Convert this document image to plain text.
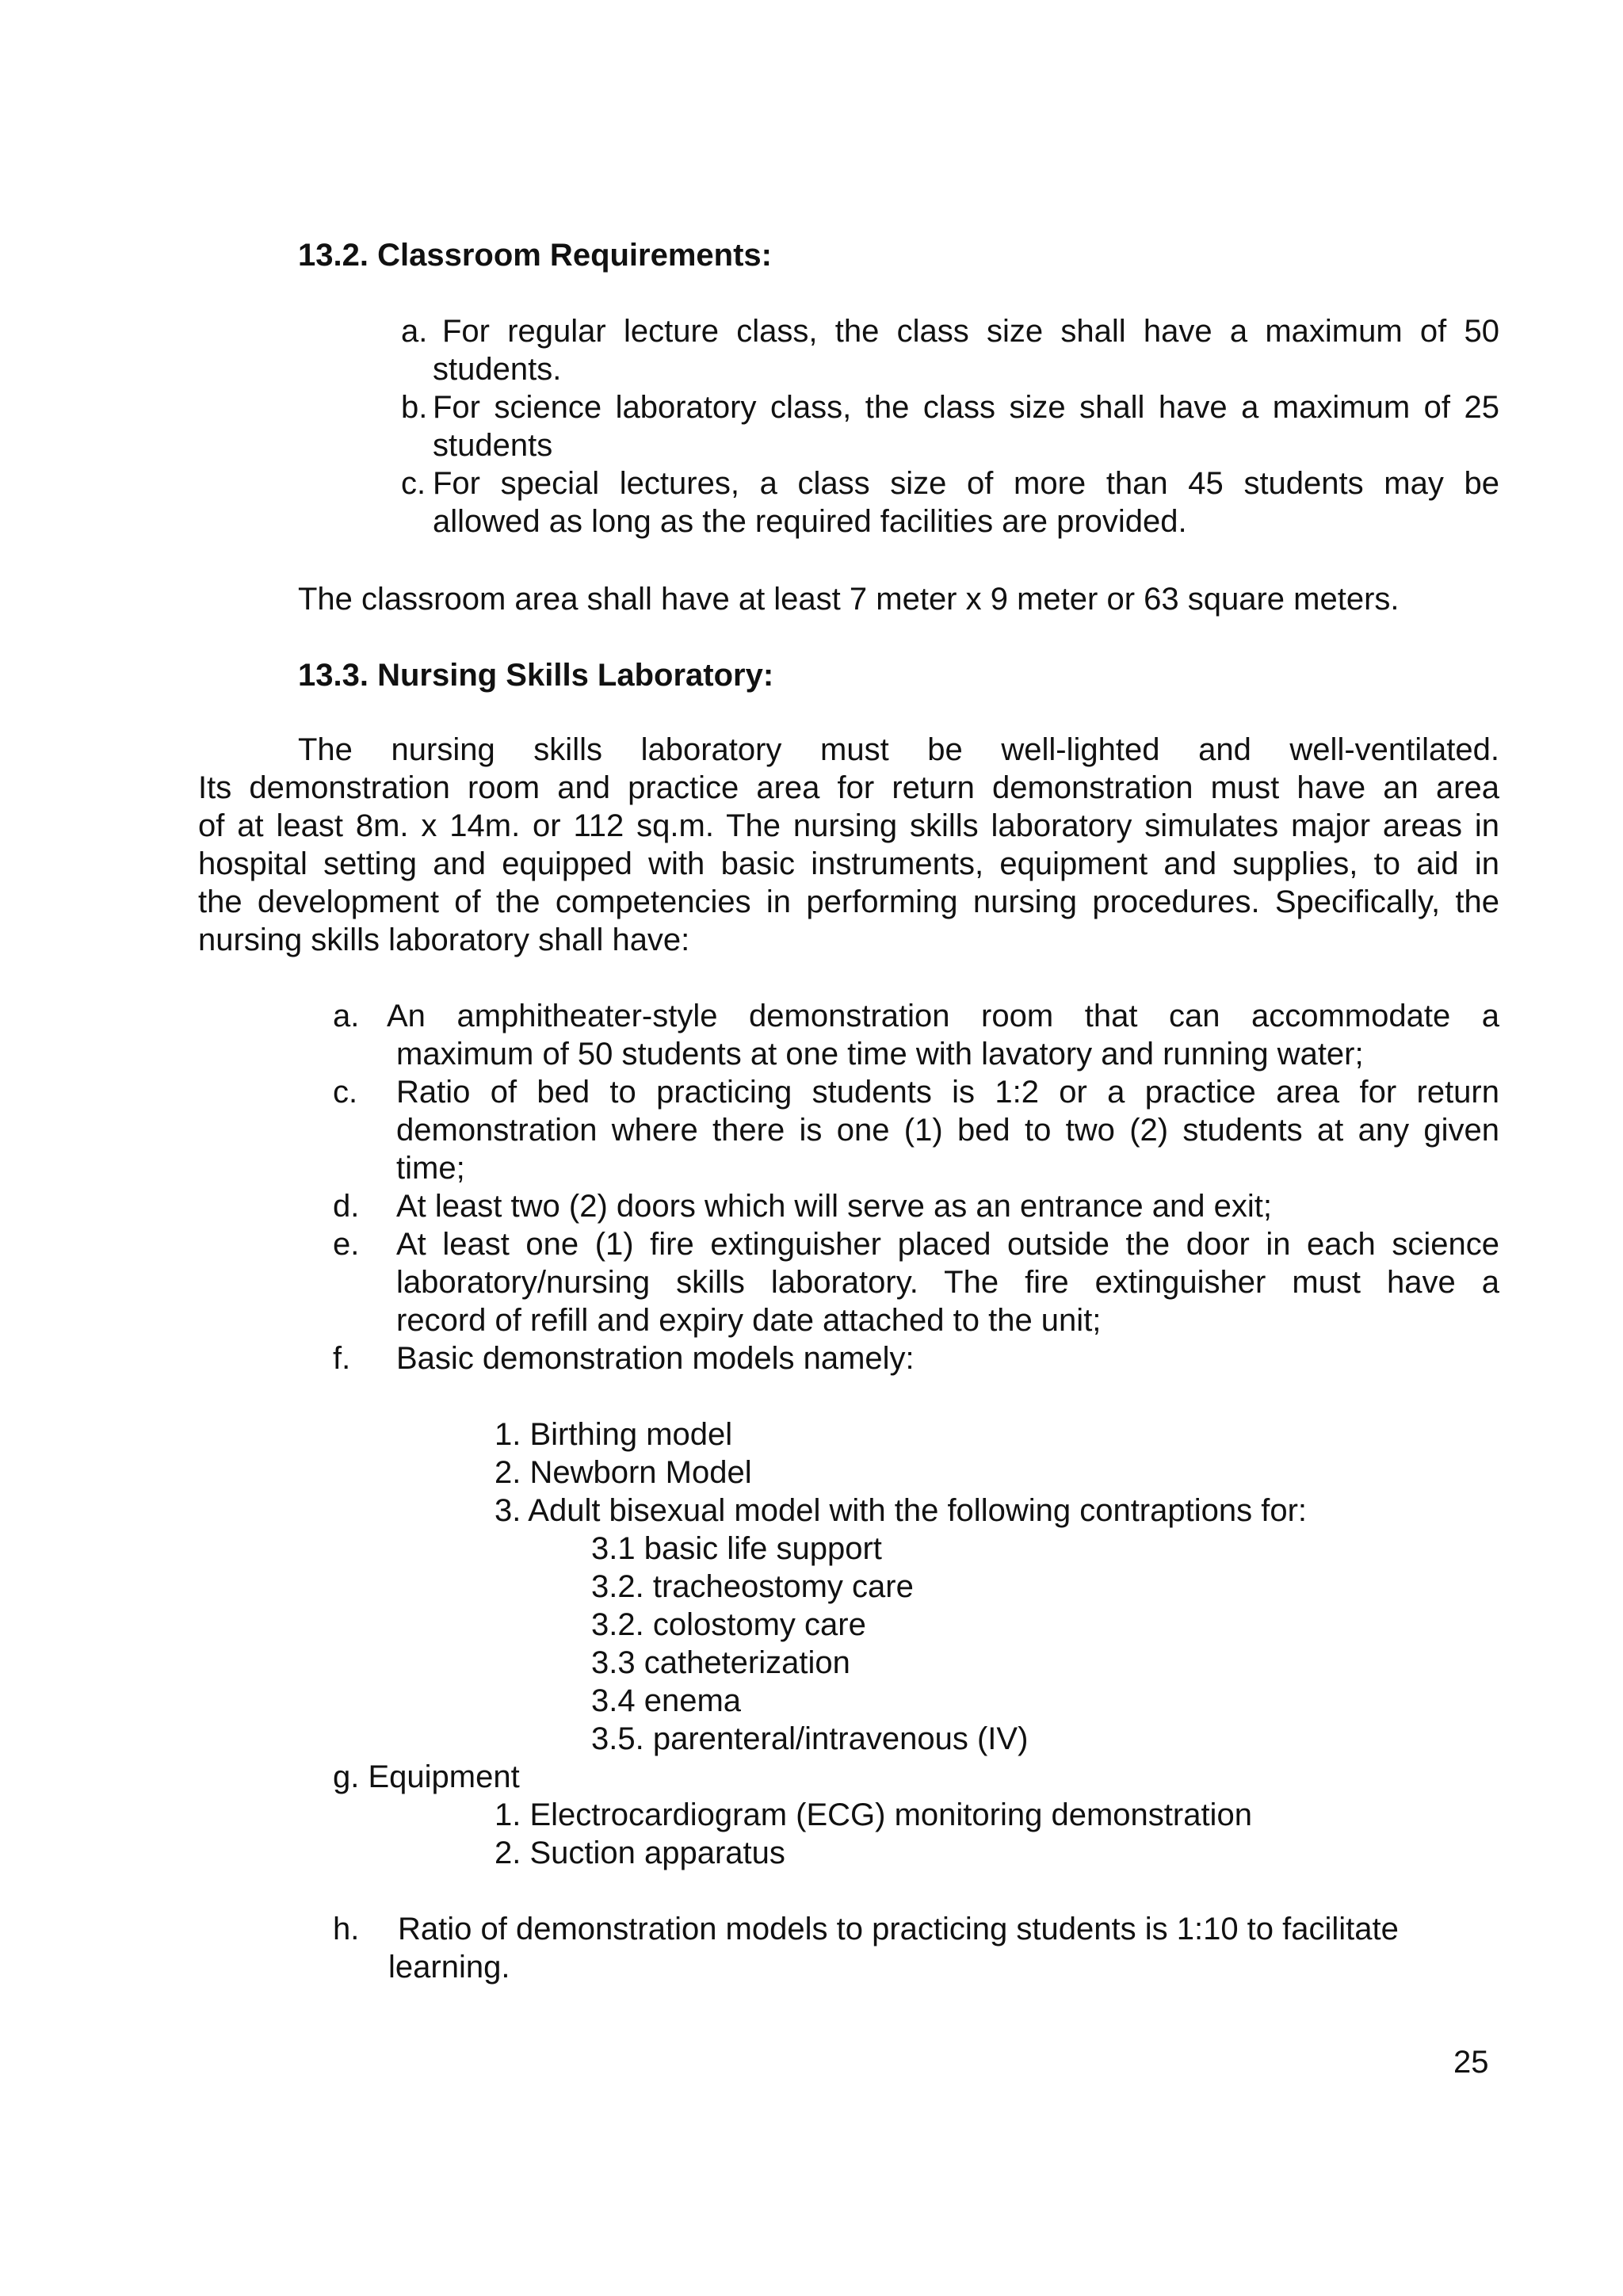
13.2. Classroom Requirements:
a. For regular lecture class, the class size shall have a maximum of 50
students.
b. For science laboratory class, the class size shall have a maximum of 25
students
c. For special lectures, a class size of more than 45 students may be
allowed as long as the required facilities are provided.
The classroom area shall have at least 7 meter x 9 meter or 63 square meters.
13.3. Nursing Skills Laboratory:
The nursing skills laboratory must be well-lighted and well-ventilated.
Its demonstration room and practice area for return demonstration must have an area
of at least 8m. x 14m. or 112 sq.m. The nursing skills laboratory simulates major areas in
hospital setting and equipped with basic instruments, equipment and supplies, to aid in
the development of the competencies in performing nursing procedures. Specifically, the
nursing skills laboratory shall have:
a. An amphitheater-style demonstration room that can accommodate a
maximum of 50 students at one time with lavatory and running water;
c. Ratio of bed to practicing students is 1:2 or a practice area for return
demonstration where there is one (1) bed to two (2) students at any given
time;
d. At least two (2) doors which will serve as an entrance and exit;
e. At least one (1) fire extinguisher placed outside the door in each science
laboratory/nursing skills laboratory. The fire extinguisher must have a
record of refill and expiry date attached to the unit;
f. Basic demonstration models namely:
1. Birthing model
2. Newborn Model
3. Adult bisexual model with the following contraptions for:
3.1 basic life support
3.2. tracheostomy care
3.2. colostomy care
3.3 catheterization
3.4 enema
3.5. parenteral/intravenous (IV)
g. Equipment
1. Electrocardiogram (ECG) monitoring demonstration
2. Suction apparatus
h. Ratio of demonstration models to practicing students is 1:10 to facilitate
learning.
25
